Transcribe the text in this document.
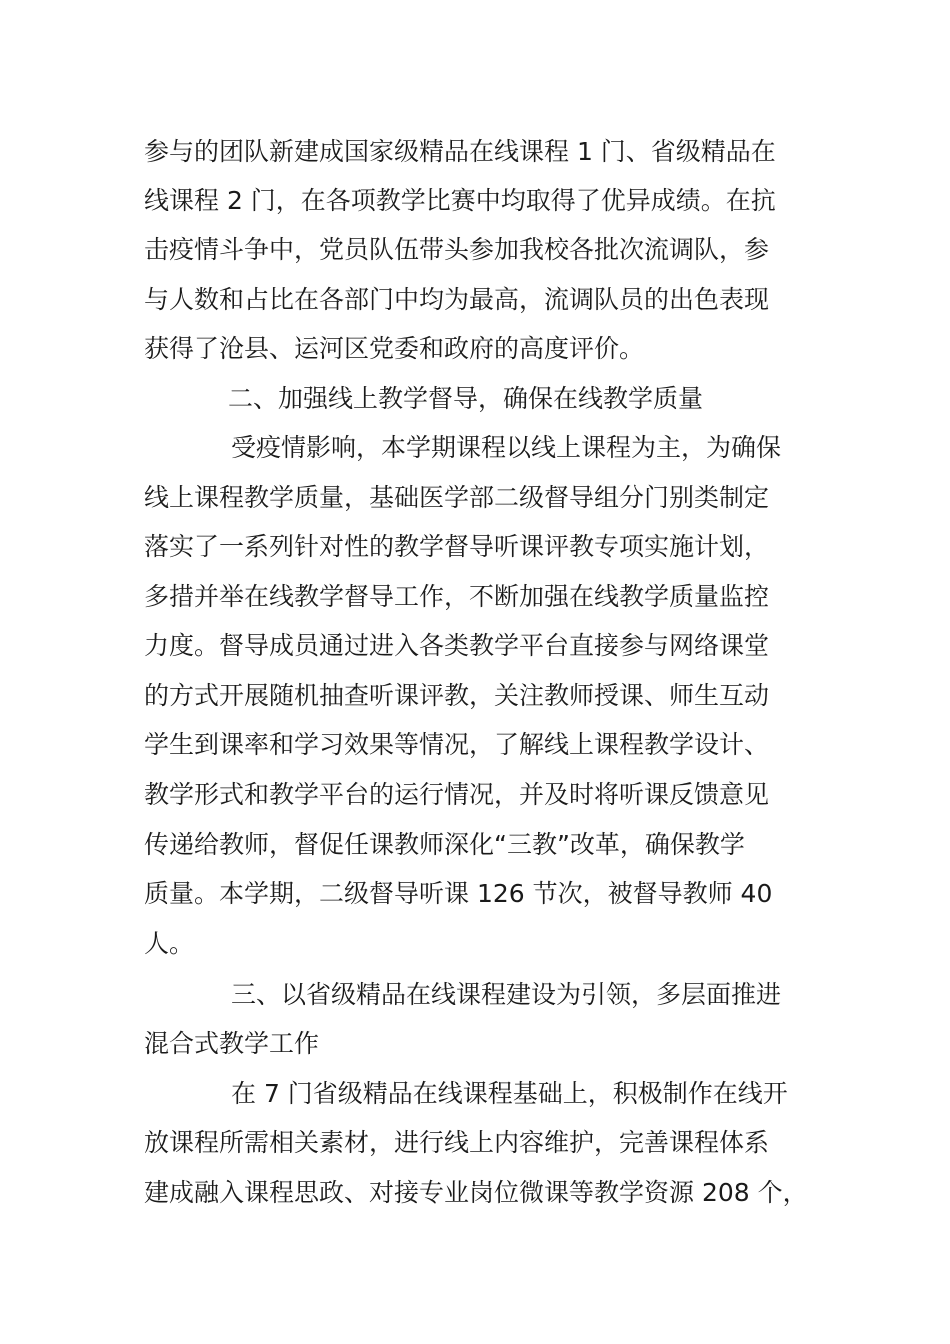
参与的团队新建成国家级精品在线课程 1 门、省级精品在
线课程 2 门，在各项教学比赛中均取得了优异成绩。在抗
击疫情斗争中，党员队伍带头参加我校各批次流调队，参
与人数和占比在各部门中均为最高，流调队员的出色表现
获得了沧县、运河区党委和政府的高度评价。
二、加强线上教学督导，确保在线教学质量
受疫情影响，本学期课程以线上课程为主，为确保
线上课程教学质量，基础医学部二级督导组分门别类制定
落实了一系列针对性的教学督导听课评教专项实施计划，
多措并举在线教学督导工作，不断加强在线教学质量监控
力度。督导成员通过进入各类教学平台直接参与网络课堂
的方式开展随机抽查听课评教，关注教师授课、师生互动
学生到课率和学习效果等情况，了解线上课程教学设计、
教学形式和教学平台的运行情况，并及时将听课反馈意见
传递给教师，督促任课教师深化“三教”改革，确保教学
质量。本学期，二级督导听课 126 节次，被督导教师 40
人。
三、以省级精品在线课程建设为引领，多层面推进
混合式教学工作
在 7 门省级精品在线课程基础上，积极制作在线开
放课程所需相关素材，进行线上内容维护，完善课程体系
建成融入课程思政、对接专业岗位微课等教学资源 208 个，
